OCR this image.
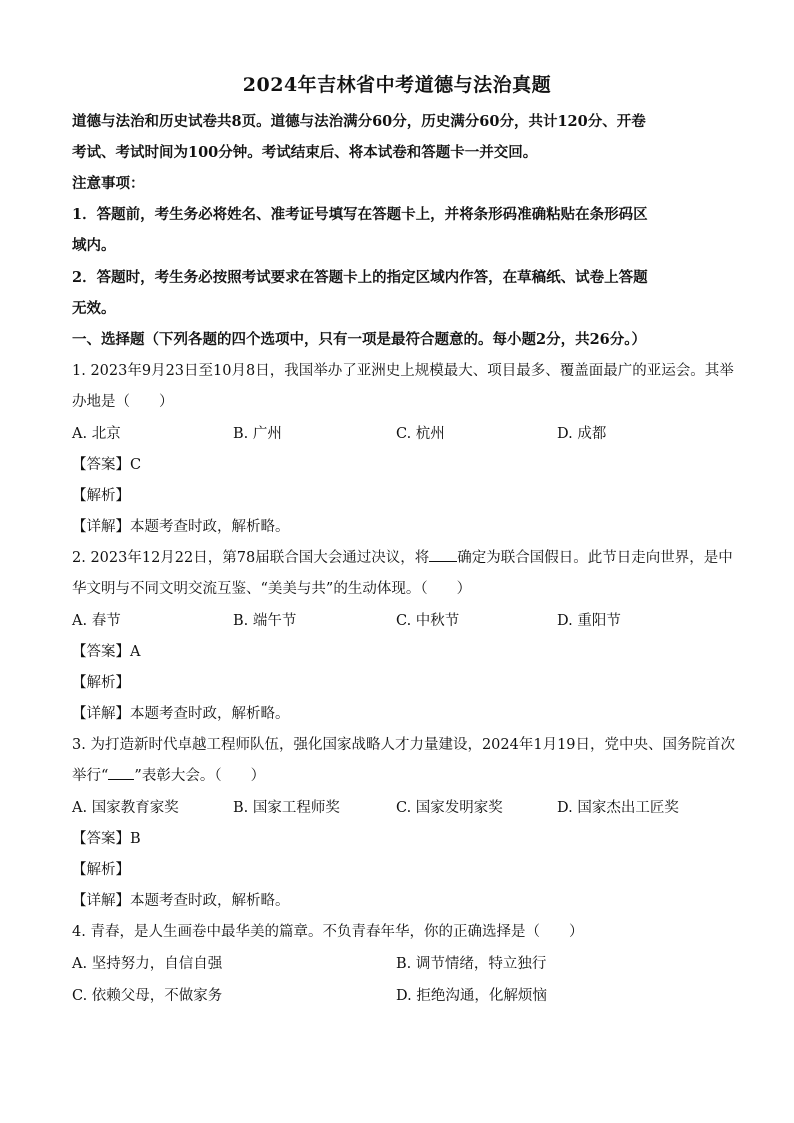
2024年吉林省中考道德与法治真题
道德与法治和历史试卷共8页。道德与法治满分60分，历史满分60分，共计120分、开卷
考试、考试时间为100分钟。考试结束后、将本试卷和答题卡一并交回。
注意事项：
1．答题前，考生务必将姓名、准考证号填写在答题卡上，并将条形码准确粘贴在条形码区
域内。
2．答题时，考生务必按照考试要求在答题卡上的指定区域内作答，在草稿纸、试卷上答题
无效。
一、选择题（下列各题的四个选项中，只有一项是最符合题意的。每小题2分，共26分。）
1. 2023年9月23日至10月8日，我国举办了亚洲史上规模最大、项目最多、覆盖面最广的亚运会。其举
办地是（　　）
A. 北京	B. 广州	C. 杭州	D. 成都
【答案】C
【解析】
【详解】本题考查时政，解析略。
2. 2023年12月22日，第78届联合国大会通过决议，将 确定为联合国假日。此节日走向世界，是中
华文明与不同文明交流互鉴、“美美与共”的生动体现。（　　）
A. 春节	B. 端午节	C. 中秋节	D. 重阳节
【答案】A
【解析】
【详解】本题考查时政，解析略。
3. 为打造新时代卓越工程师队伍，强化国家战略人才力量建设，2024年1月19日，党中央、国务院首次
举行“ ”表彰大会。（　　）
A. 国家教育家奖	B. 国家工程师奖	C. 国家发明家奖	D. 国家杰出工匠奖
【答案】B
【解析】
【详解】本题考查时政，解析略。
4. 青春，是人生画卷中最华美的篇章。不负青春年华，你的正确选择是（　　）
A. 坚持努力，自信自强	B. 调节情绪，特立独行
C. 依赖父母，不做家务	D. 拒绝沟通，化解烦恼
